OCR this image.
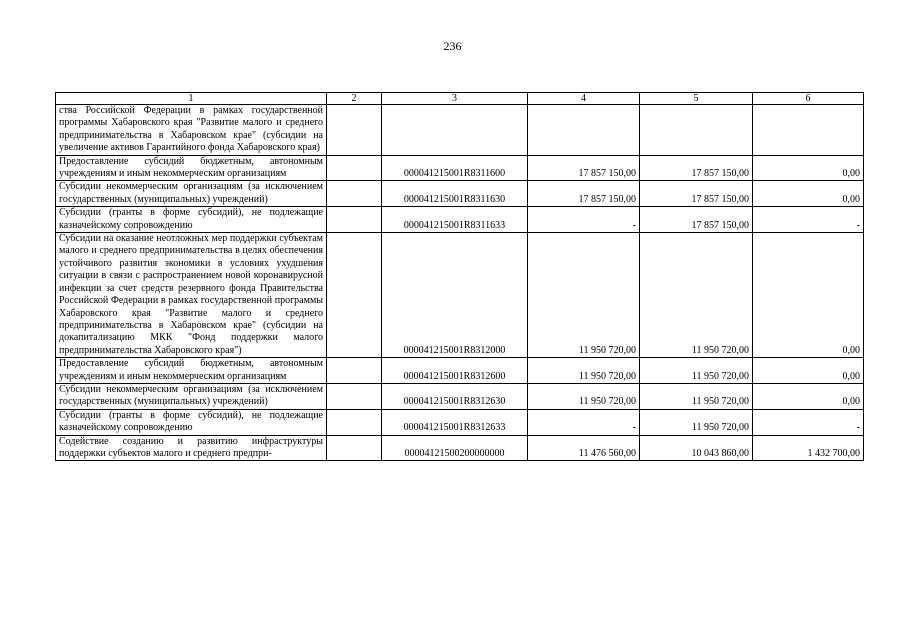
236
1	2	3	4	5	6
ства Российской Федерации в рамках государственной программы Хабаровского края "Развитие малого и среднего предпринимательства в Хабаровском крае" (субсидии на увеличение активов Гарантийного фонда Хабаровского края)					
Предоставление субсидий бюджетным, автономным учреждениям и иным некоммерческим организациям		000041215001R8311600	17 857 150,00	17 857 150,00	0,00
Субсидии некоммерческим организациям (за исключением государственных (муниципальных) учреждений)		000041215001R8311630	17 857 150,00	17 857 150,00	0,00
Субсидии (гранты в форме субсидий), не подлежащие казначейскому сопровождению		000041215001R8311633	-	17 857 150,00	-
Субсидии на оказание неотложных мер поддержки субъектам малого и среднего предпринимательства в целях обеспечения устойчивого развития экономики в условиях ухудшения ситуации в связи с распространением новой коронавирусной инфекции за счет средств резервного фонда Правительства Российской Федерации в рамках государственной программы Хабаровского края "Развитие малого и среднего предпринимательства в Хабаровском крае" (субсидии на докапитализацию МКК "Фонд поддержки малого предпринимательства Хабаровского края")		000041215001R8312000	11 950 720,00	11 950 720,00	0,00
Предоставление субсидий бюджетным, автономным учреждениям и иным некоммерческим организациям		000041215001R8312600	11 950 720,00	11 950 720,00	0,00
Субсидии некоммерческим организациям (за исключением государственных (муниципальных) учреждений)		000041215001R8312630	11 950 720,00	11 950 720,00	0,00
Субсидии (гранты в форме субсидий), не подлежащие казначейскому сопровождению		000041215001R8312633	-	11 950 720,00	-
Содействие созданию и развитию инфраструктуры поддержки субъектов малого и среднего предпри-		00004121500200000000	11 476 560,00	10 043 860,00	1 432 700,00
